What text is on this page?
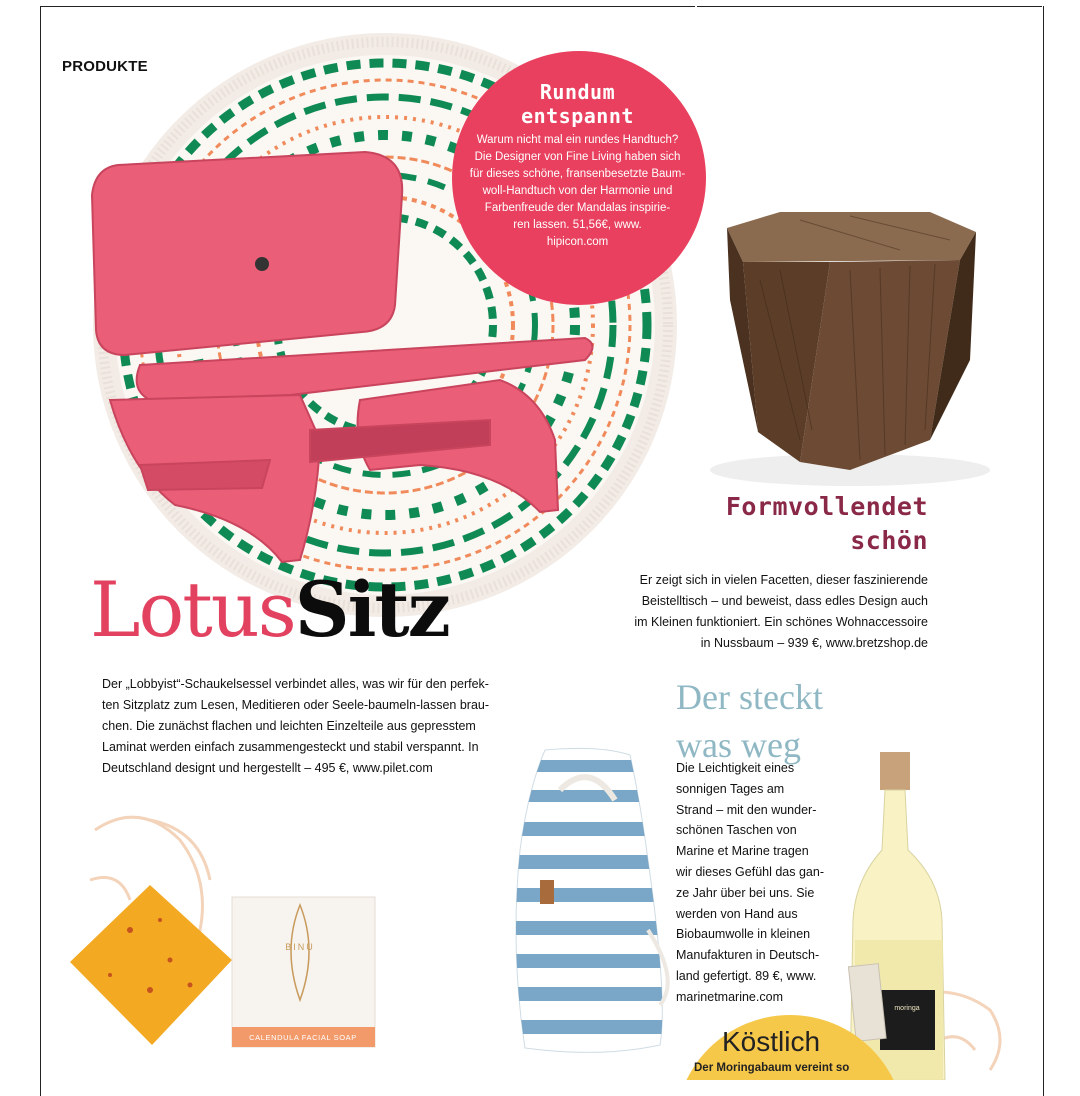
PRODUKTE
Rundum
entspannt
Warum nicht mal ein rundes Handtuch?
Die Designer von Fine Living haben sich
für dieses schöne, fransenbesetzte Baum-
woll-Handtuch von der Harmonie und
Farbenfreude der Mandalas inspirie-
ren lassen. 51,56€, www.
hipicon.com
Formvollendet
schön
Er zeigt sich in vielen Facetten, dieser faszinierende
Beistelltisch – und beweist, dass edles Design auch
im Kleinen funktioniert. Ein schönes Wohnaccessoire
in Nussbaum – 939 €, www.bretzshop.de
LotusSitz
Der „Lobbyist“-Schaukelsessel verbindet alles, was wir für den perfek-
ten Sitzplatz zum Lesen, Meditieren oder Seele-baumeln-lassen brau-
chen. Die zunächst flachen und leichten Einzelteile aus gepresstem
Laminat werden einfach zusammengesteckt und stabil verspannt. In
Deutschland designt und hergestellt – 495 €, www.pilet.com
Der steckt
was weg
Die Leichtigkeit eines
sonnigen Tages am
Strand – mit den wunder-
schönen Taschen von
Marine et Marine tragen
wir dieses Gefühl das gan-
ze Jahr über bei uns. Sie
werden von Hand aus
Biobaumwolle in kleinen
Manufakturen in Deutsch-
land gefertigt. 89 €, www.
marinetmarine.com
CALENDULA FACIAL SOAP
BINU
moringa
Köstlich
Der Moringabaum vereint so
